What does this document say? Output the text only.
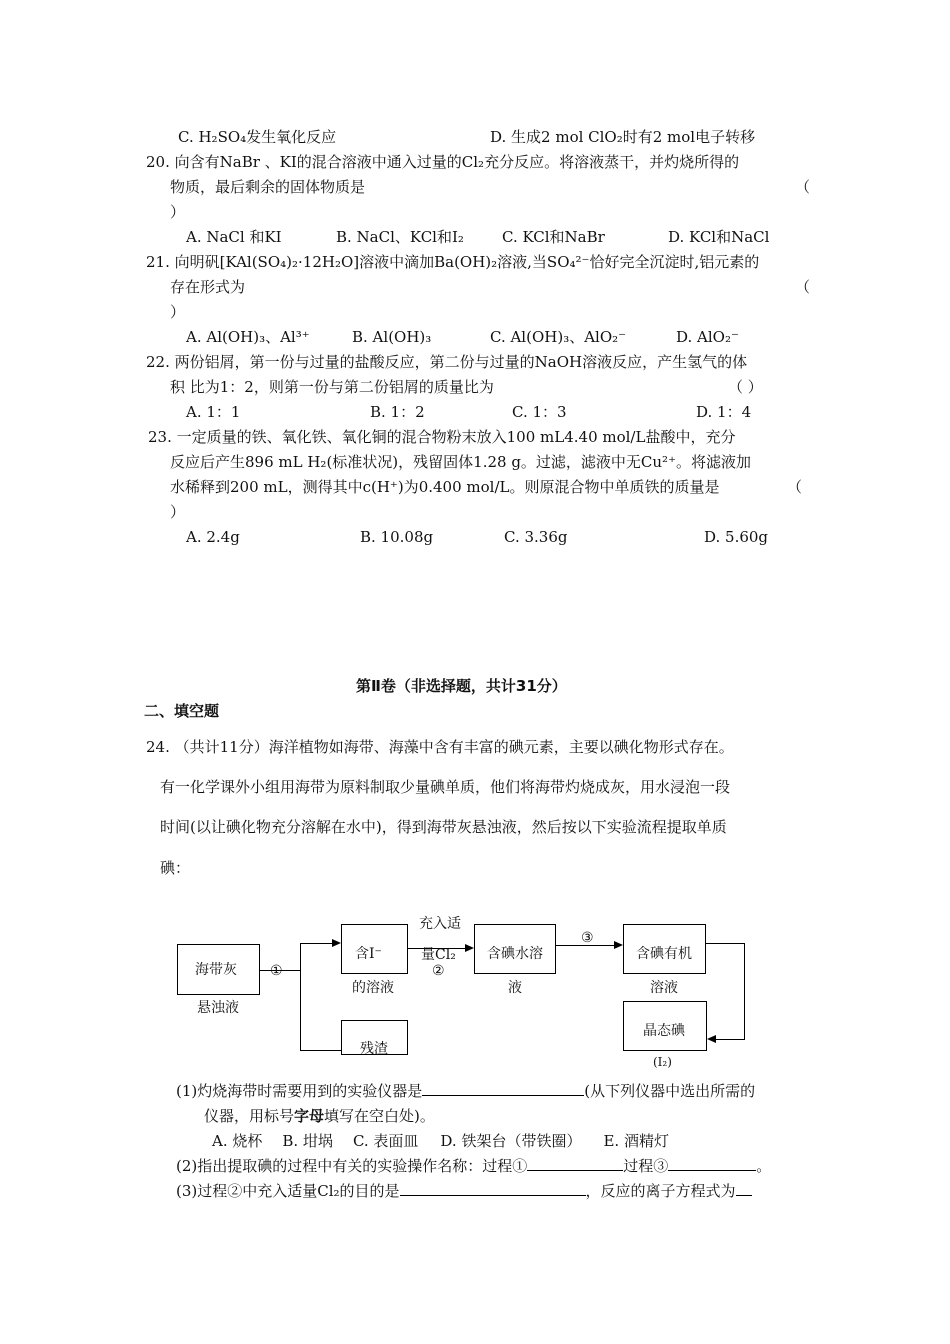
C. H₂SO₄发生氧化反应	D. 生成2 mol ClO₂时有2 mol电子转移
20. 向含有NaBr 、KI的混合溶液中通入过量的Cl₂充分反应。将溶液蒸干，并灼烧所得的
物质，最后剩余的固体物质是	（
）
A. NaCl 和KI	B. NaCl、KCl和I₂	C. KCl和NaBr	D. KCl和NaCl
21. 向明矾[KAl(SO₄)₂·12H₂O]溶液中滴加Ba(OH)₂溶液,当SO₄²⁻恰好完全沉淀时,铝元素的
存在形式为	（
）
A. Al(OH)₃、Al³⁺	B. Al(OH)₃	C. Al(OH)₃、AlO₂⁻	D. AlO₂⁻
22. 两份铝屑，第一份与过量的盐酸反应，第二份与过量的NaOH溶液反应，产生氢气的体
积 比为1：2，则第一份与第二份铝屑的质量比为	（ ）
A. 1：1	B. 1：2	C. 1：3	D. 1：4
23. 一定质量的铁、氧化铁、氧化铜的混合物粉末放入100 mL4.40 mol/L盐酸中，充分
反应后产生896 mL H₂(标准状况)，残留固体1.28 g。过滤，滤液中无Cu²⁺。将滤液加
水稀释到200 mL，测得其中c(H⁺)为0.400 mol/L。则原混合物中单质铁的质量是	（
）
A. 2.4g	B. 10.08g	C. 3.36g	D. 5.60g
第Ⅱ卷（非选择题，共计31分）
二、填空题
24. （共计11分）海洋植物如海带、海藻中含有丰富的碘元素，主要以碘化物形式存在。
有一化学课外小组用海带为原料制取少量碘单质，他们将海带灼烧成灰，用水浸泡一段
时间(以让碘化物充分溶解在水中)，得到海带灰悬浊液，然后按以下实验流程提取单质
碘：
海带灰
悬浊液
①
含I⁻
的溶液
残渣
充入适
量Cl₂
②
含碘水溶
液
③
含碘有机
溶液
晶态碘
(I₂)
(1)灼烧海带时需要用到的实验仪器是	(从下列仪器中选出所需的
仪器，用标号字母填写在空白处)。
A. 烧杯 B. 坩埚 C. 表面皿 D. 铁架台（带铁圈） E. 酒精灯
(2)指出提取碘的过程中有关的实验操作名称：过程①	过程③	。
(3)过程②中充入适量Cl₂的目的是	，反应的离子方程式为
